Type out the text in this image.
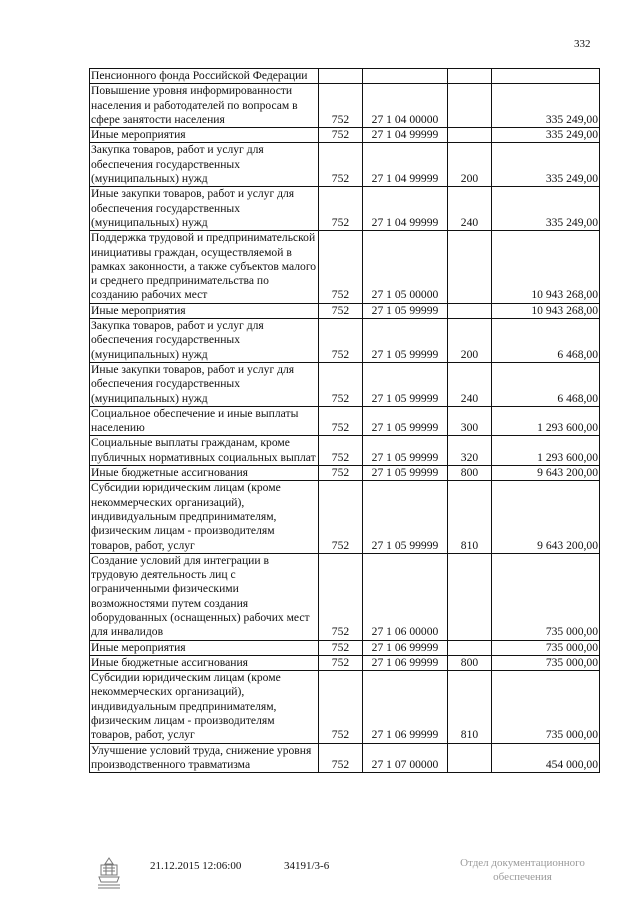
332
Пенсионного фонда Российской Федерации				
Повышение уровня информированности населения и работодателей по вопросам в сфере занятости населения	752	27 1 04 00000		335 249,00
Иные мероприятия	752	27 1 04 99999		335 249,00
Закупка товаров, работ и услуг для обеспечения государственных (муниципальных) нужд	752	27 1 04 99999	200	335 249,00
Иные закупки товаров, работ и услуг для обеспечения государственных (муниципальных) нужд	752	27 1 04 99999	240	335 249,00
Поддержка трудовой и предпринимательской инициативы граждан, осуществляемой в рамках законности, а также субъектов малого и среднего предпринимательства по созданию рабочих мест	752	27 1 05 00000		10 943 268,00
Иные мероприятия	752	27 1 05 99999		10 943 268,00
Закупка товаров, работ и услуг для обеспечения государственных (муниципальных) нужд	752	27 1 05 99999	200	6 468,00
Иные закупки товаров, работ и услуг для обеспечения государственных (муниципальных) нужд	752	27 1 05 99999	240	6 468,00
Социальное обеспечение и иные выплаты населению	752	27 1 05 99999	300	1 293 600,00
Социальные выплаты гражданам, кроме публичных нормативных социальных выплат	752	27 1 05 99999	320	1 293 600,00
Иные бюджетные ассигнования	752	27 1 05 99999	800	9 643 200,00
Субсидии юридическим лицам (кроме некоммерческих организаций), индивидуальным предпринимателям, физическим лицам - производителям товаров, работ, услуг	752	27 1 05 99999	810	9 643 200,00
Создание условий для интеграции в трудовую деятельность лиц с ограниченными физическими возможностями путем создания оборудованных (оснащенных) рабочих мест для инвалидов	752	27 1 06 00000		735 000,00
Иные мероприятия	752	27 1 06 99999		735 000,00
Иные бюджетные ассигнования	752	27 1 06 99999	800	735 000,00
Субсидии юридическим лицам (кроме некоммерческих организаций), индивидуальным предпринимателям, физическим лицам - производителям товаров, работ, услуг	752	27 1 06 99999	810	735 000,00
Улучшение условий труда, снижение уровня производственного травматизма	752	27 1 07 00000		454 000,00
21.12.2015 12:06:00	34191/3-6	Отдел документационного
обеспечения
